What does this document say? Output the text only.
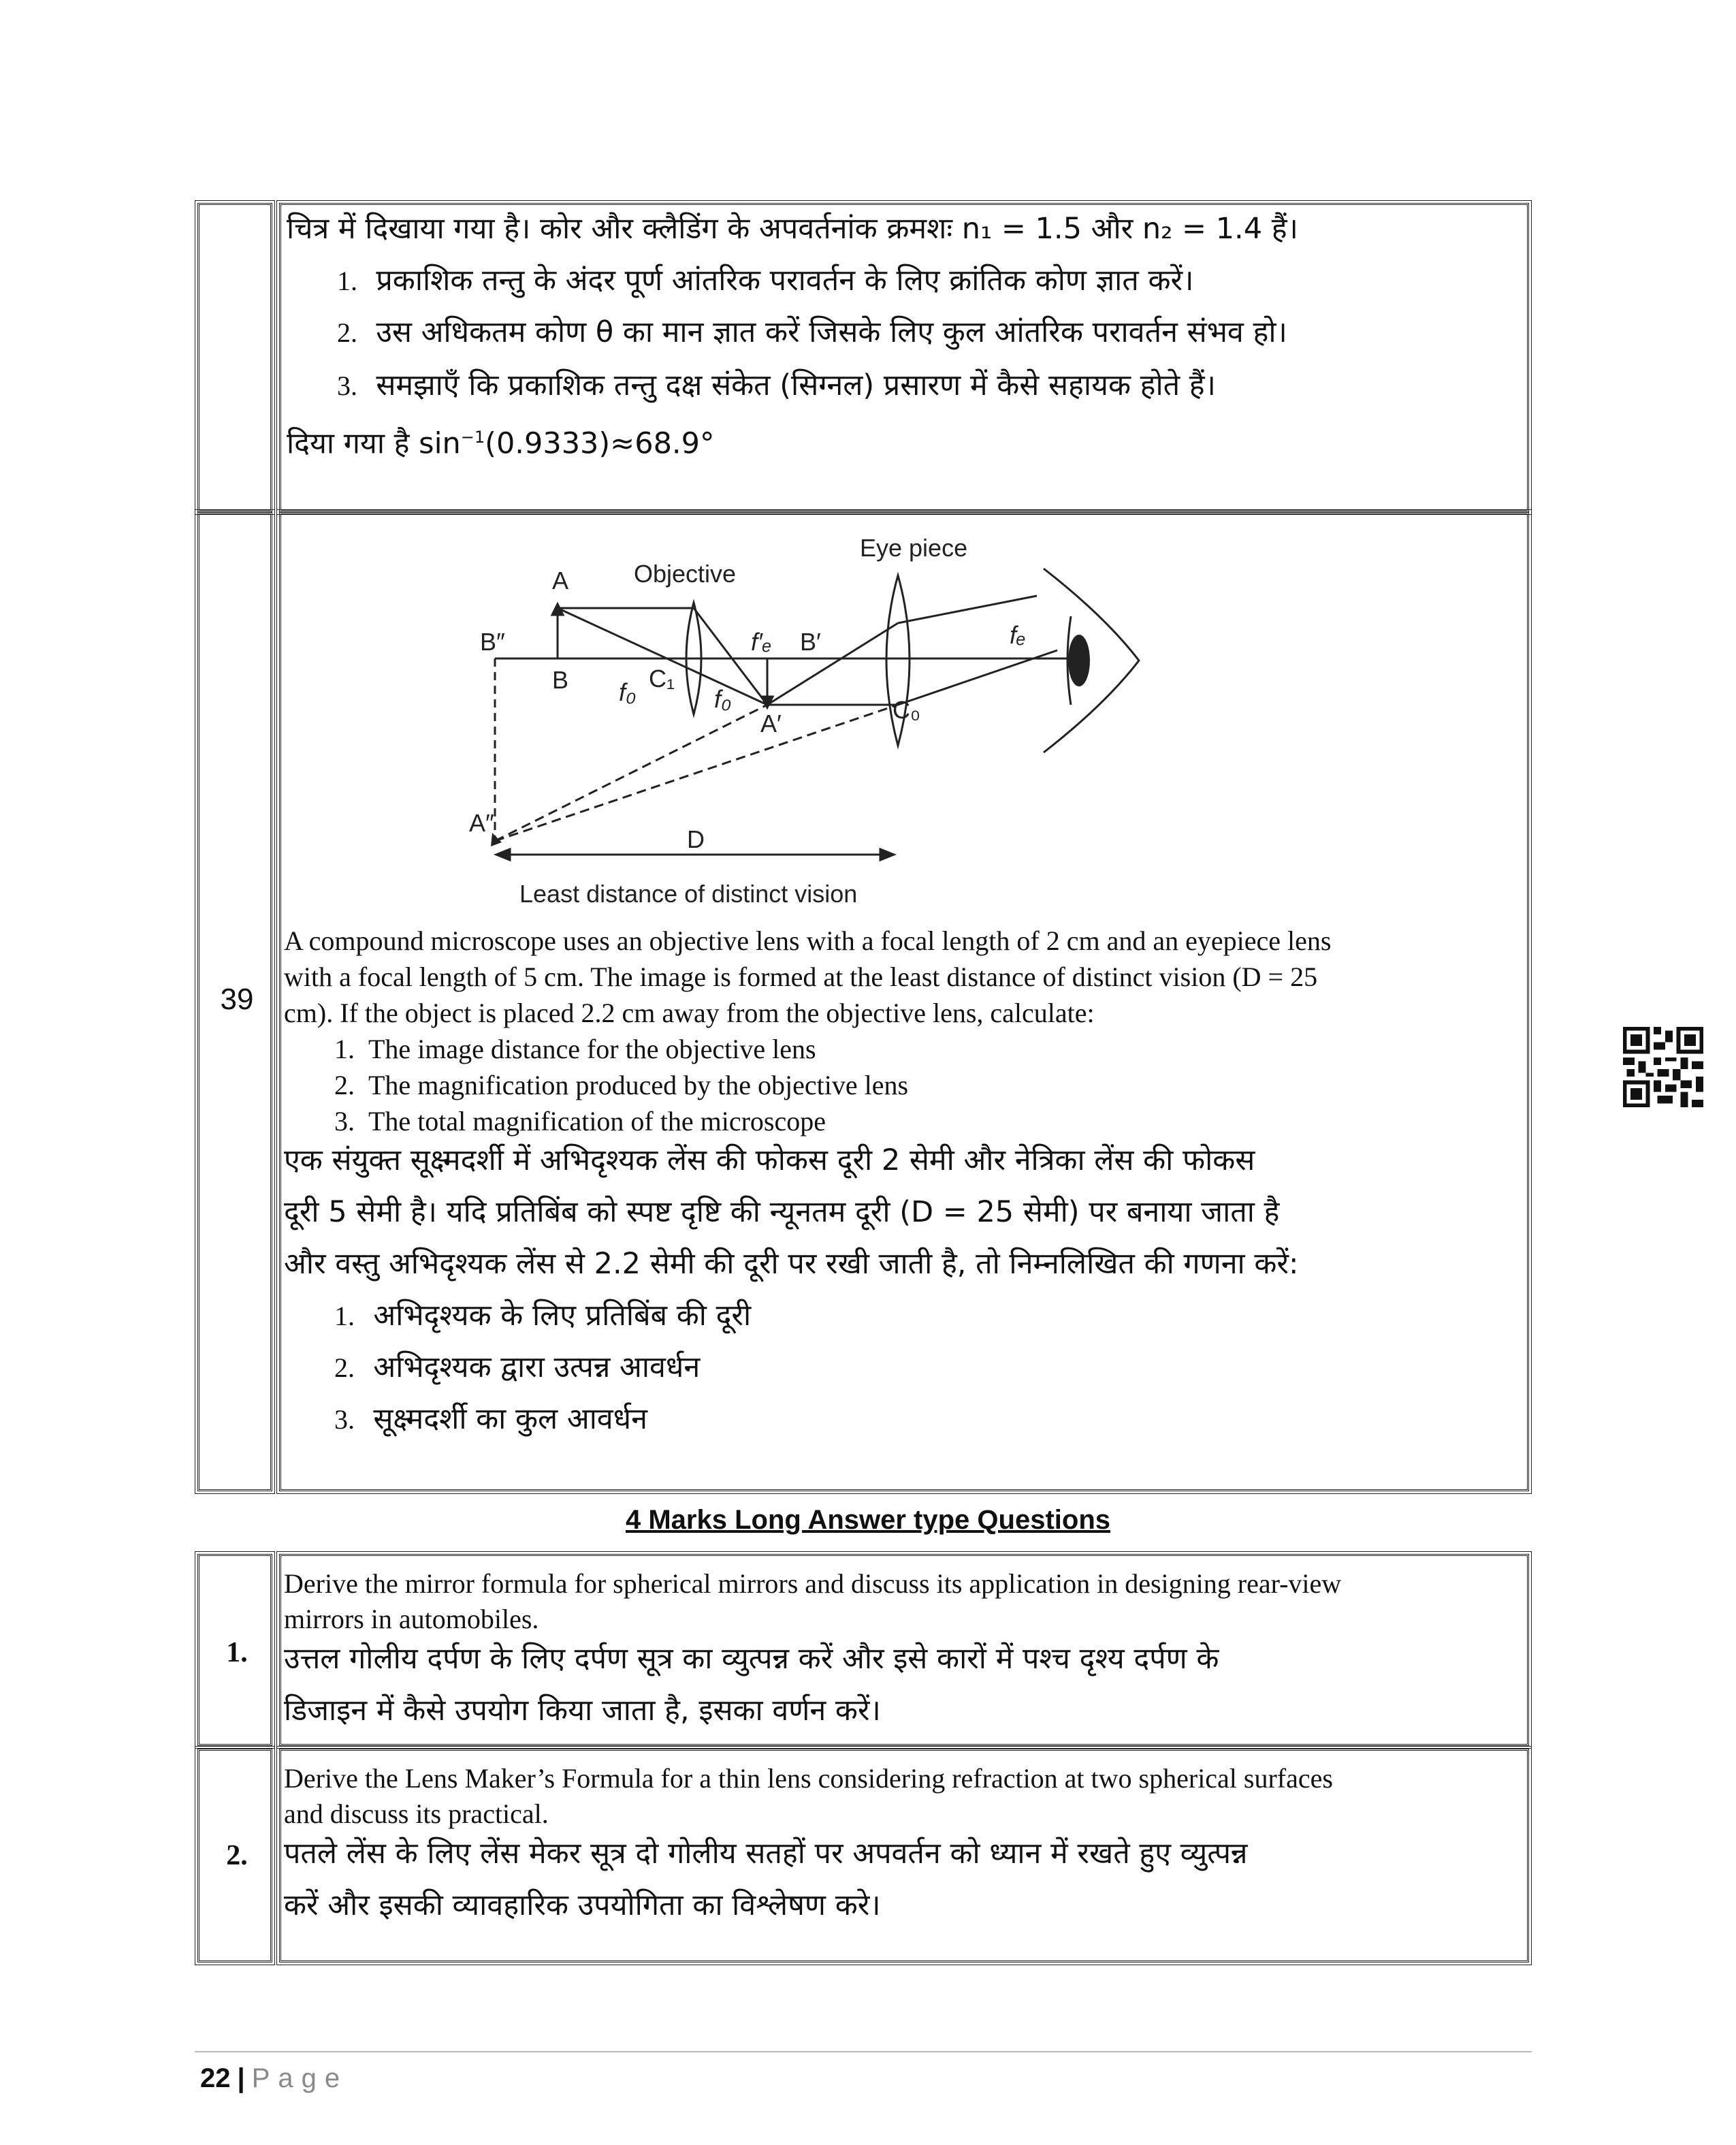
चित्र में दिखाया गया है। कोर और क्लैडिंग के अपवर्तनांक क्रमशः n₁ = 1.5 और n₂ = 1.4 हैं।
1. प्रकाशिक तन्तु के अंदर पूर्ण आंतरिक परावर्तन के लिए क्रांतिक कोण ज्ञात करें।
2. उस अधिकतम कोण θ का मान ज्ञात करें जिसके लिए कुल आंतरिक परावर्तन संभव हो।
3. समझाएँ कि प्रकाशिक तन्तु दक्ष संकेत (सिग्नल) प्रसारण में कैसे सहायक होते हैं।
दिया गया है $\sin^{-1}(0.9333)\approx 68.9^\circ$
39
A
B
B″
Objective
Eye piece
f₀ C₁
f₀
f′ₑ B′
A′	C₀
fₑ
A″
D
Least distance of distinct vision
A compound microscope uses an objective lens with a focal length of 2 cm and an eyepiece lens
with a focal length of 5 cm. The image is formed at the least distance of distinct vision (D = 25
cm). If the object is placed 2.2 cm away from the objective lens, calculate:
1. The image distance for the objective lens
2. The magnification produced by the objective lens
3. The total magnification of the microscope
एक संयुक्त सूक्ष्मदर्शी में अभिदृश्यक लेंस की फोकस दूरी 2 सेमी और नेत्रिका लेंस की फोकस
दूरी 5 सेमी है। यदि प्रतिबिंब को स्पष्ट दृष्टि की न्यूनतम दूरी (D = 25 सेमी) पर बनाया जाता है
और वस्तु अभिदृश्यक लेंस से 2.2 सेमी की दूरी पर रखी जाती है, तो निम्नलिखित की गणना करें:
1. अभिदृश्यक के लिए प्रतिबिंब की दूरी
2. अभिदृश्यक द्वारा उत्पन्न आवर्धन
3. सूक्ष्मदर्शी का कुल आवर्धन
4 Marks Long Answer type Questions
1.
Derive the mirror formula for spherical mirrors and discuss its application in designing rear-view
mirrors in automobiles.
उत्तल गोलीय दर्पण के लिए दर्पण सूत्र का व्युत्पन्न करें और इसे कारों में पश्च दृश्य दर्पण के
डिजाइन में कैसे उपयोग किया जाता है, इसका वर्णन करें।
2.
Derive the Lens Maker’s Formula for a thin lens considering refraction at two spherical surfaces
and discuss its practical.
पतले लेंस के लिए लेंस मेकर सूत्र दो गोलीय सतहों पर अपवर्तन को ध्यान में रखते हुए व्युत्पन्न
करें और इसकी व्यावहारिक उपयोगिता का विश्लेषण करे।
22 | Page
